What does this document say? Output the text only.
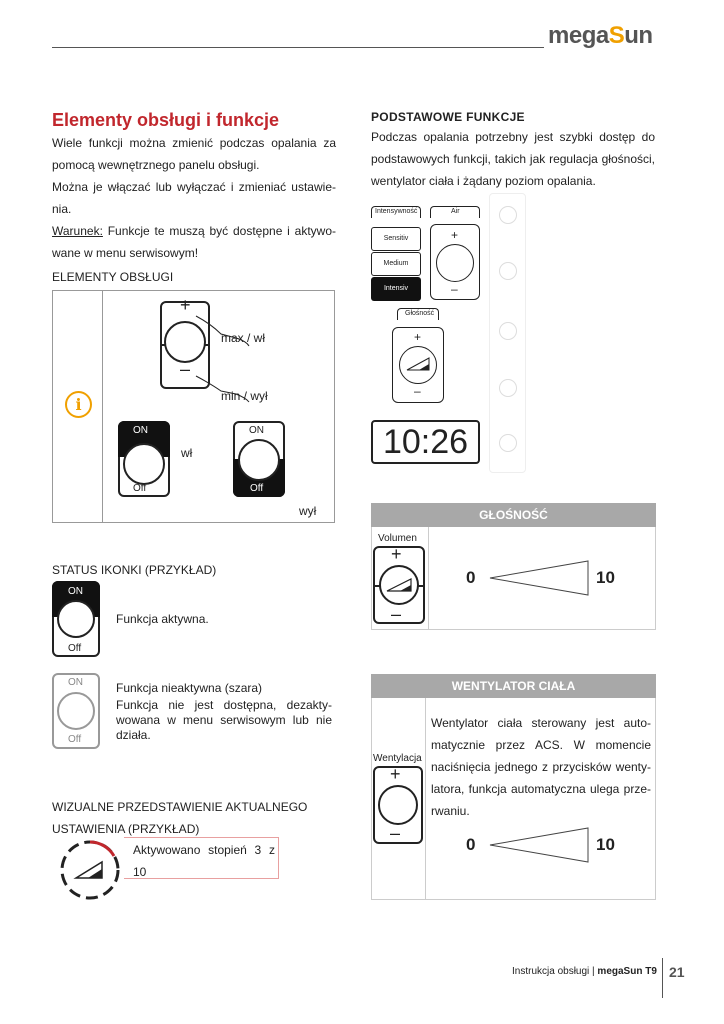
megaSun
Elementy obsługi i funkcje
Wiele funkcji można zmienić podczas opalania za pomocą wewnętrznego panelu obsługi.
Można je włączać lub wyłączać i zmieniać ustawie-nia.
Warunek: Funkcje te muszą być dostępne i aktywo-wane w menu serwisowym!
ELEMENTY OBSŁUGI
i
+
–
max / wł
min / wył
ON
Off
wł
ON
Off
wył
STATUS IKONKI (PRZYKŁAD)
ON
Off
Funkcja aktywna.
ON
Off
Funkcja nieaktywna (szara)
Funkcja nie jest dostępna, dezakty-wowana w menu serwisowym lub nie działa.
WIZUALNE PRZEDSTAWIENIE AKTUALNEGO
USTAWIENIA (PRZYKŁAD)
Aktywowano stopień 3 z 10
PODSTAWOWE FUNKCJE
Podczas opalania potrzebny jest szybki dostęp do podstawowych funkcji, takich jak regulacja głośności, wentylator ciała i żądany poziom opalania.
Intensywność
Sensitiv
Medium
Intensiv
Air
+
–
Głośność
+
–
10:26
GŁOŚNOŚĆ
Volumen
+
–
0	10
WENTYLATOR CIAŁA
Wentylacja
+
–
Wentylator ciała sterowany jest auto-matycznie przez ACS. W momencie naciśnięcia jednego z przycisków wenty-latora, funkcja automatyczna ulega prze-rwaniu.
0	10
Instrukcja obsługi | megaSun T9 21
